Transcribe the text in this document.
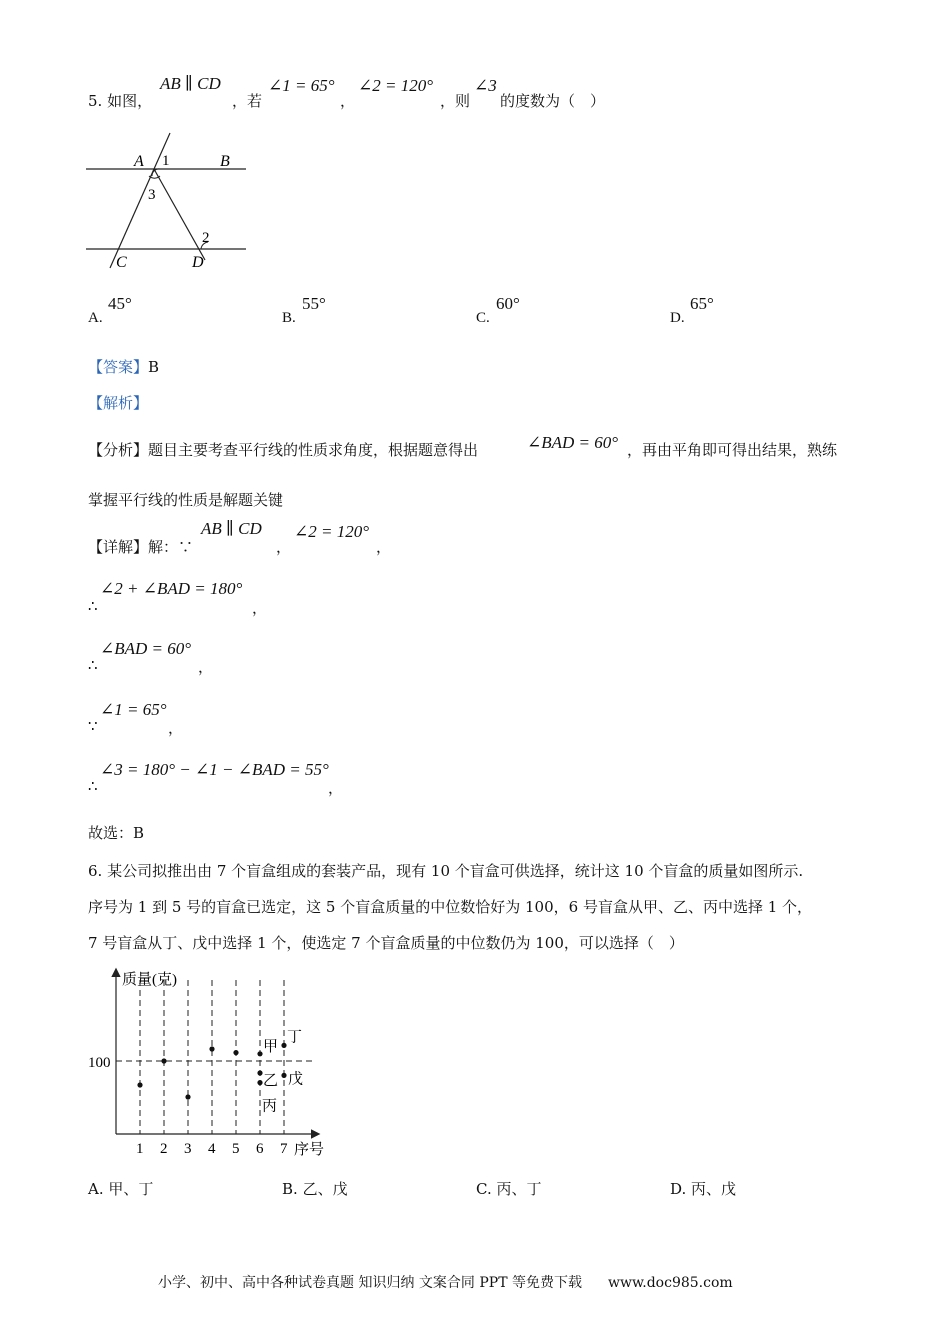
5. 如图，
AB ∥ CD
，若
∠1 = 65°
，
∠2 = 120°
，则
∠3
的度数为（　）
A 1	B
3
2
C	D
A.
45°
B.
55°
C.
60°
D.
65°
【答案】B
【解析】
【分析】题目主要考查平行线的性质求角度，根据题意得出	∠BAD = 60° ，再由平角即可得出结果，熟练
掌握平行线的性质是解题关键
【详解】解：∵
AB ∥ CD
，
∠2 = 120°
，
∴
∠2 + ∠BAD = 180°
，
∴
∠BAD = 60°
，
∵
∠1 = 65°
，
∴
∠3 = 180° − ∠1 − ∠BAD = 55°
，
故选：B
6. 某公司拟推出由 7 个盲盒组成的套装产品，现有 10 个盲盒可供选择，统计这 10 个盲盒的质量如图所示.
序号为 1 到 5 号的盲盒已选定，这 5 个盲盒质量的中位数恰好为 100，6 号盲盒从甲、乙、丙中选择 1 个，
7 号盲盒从丁、戊中选择 1 个，使选定 7 个盲盒质量的中位数仍为 100，可以选择（　）
质量(克)
序号
100
1 2 3 4 5 6 7
甲
乙
丙
丁
戊
A. 甲、丁	B. 乙、戊	C. 丙、丁	D. 丙、戊
小学、初中、高中各种试卷真题 知识归纳 文案合同 PPT 等免费下载 www.doc985.com
